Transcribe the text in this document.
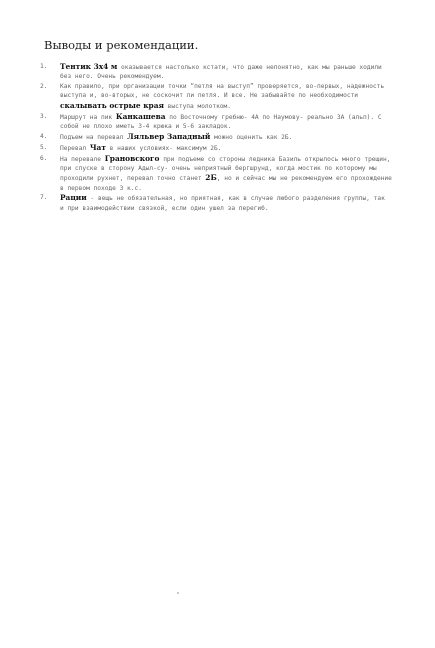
Выводы и рекомендации.
1. Тентик 3х4 м оказывается настолько кстати, что даже непонятно, как мы раньше ходили без него. Очень рекомендуем.
2. Как правило, при организации точки “петля на выступ” проверяется, во-первых, надежность выступа и, во-вторых, не соскочит ли петля. И все. Не забывайте по необходимости скалывать острые края выступа молотком.
3. Маршрут на пик Канкашева по Восточному гребню- 4А по Наумову- реально 3А (альп). С собой не плохо иметь 3-4 крюка и 5-6 закладок.
4. Подъем на перевал Ляльвер Западный можно оценить как 2Б.
5. Перевал Чат в наших условиях- максимум 2Б.
6. На перевале Грановского при подъеме со стороны ледника Базиль открылось много трещин, при спуске в сторону Адыл-су- очень неприятный бергшрунд, когда мостик по которому мы проходили рухнет, перевал точно станет 2Б, но и сейчас мы не рекомендуем его прохождение в первом походе 3 к.с.
7. Рации - вещь не обязательная, но приятная, как в случае любого разделения группы, так и при взаимодействии связкой, если один ушел за перегиб.
